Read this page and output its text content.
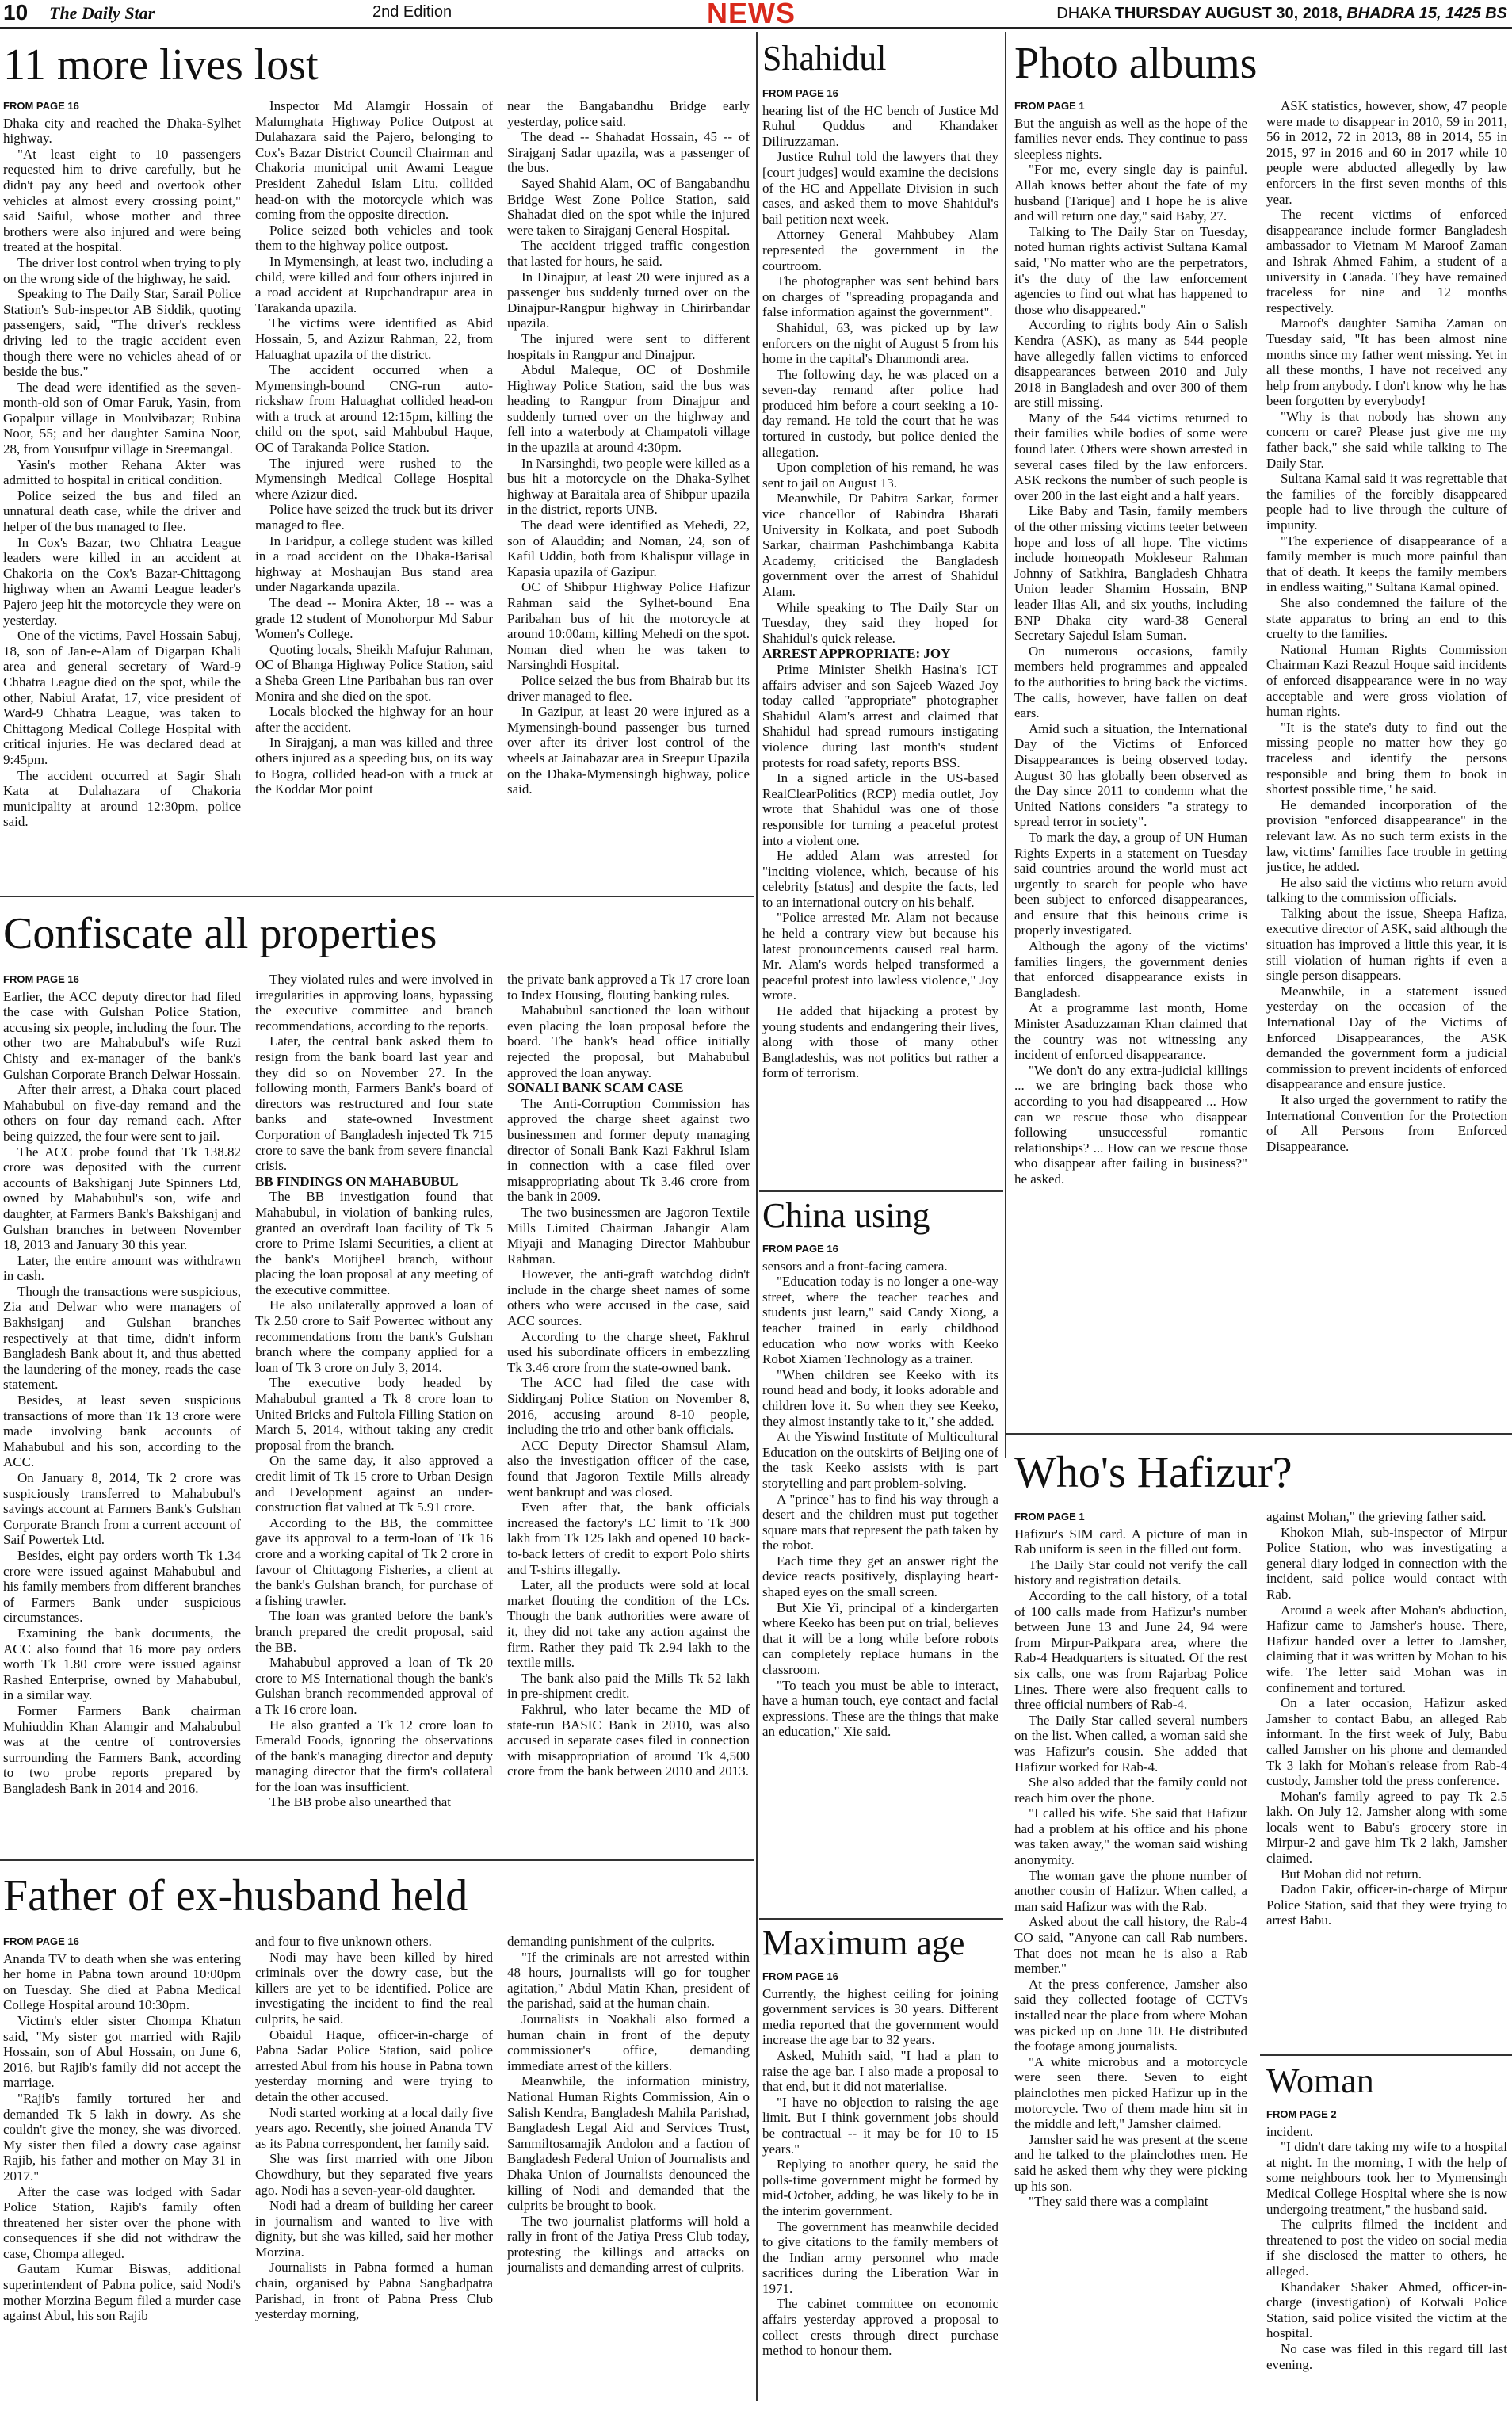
10 The Daily Star	2nd Edition	NEWS	DHAKA THURSDAY AUGUST 30, 2018, BHADRA 15, 1425 BS
11 more lives lost
FROM PAGE 16

Dhaka city and reached the Dhaka-Sylhet highway.

"At least eight to 10 passengers requested him to drive carefully, but he didn't pay any heed and overtook other vehicles at almost every crossing point," said Saiful, whose mother and three brothers were also injured and were being treated at the hospital.

The driver lost control when trying to ply on the wrong side of the highway, he said.

Speaking to The Daily Star, Sarail Police Station's Sub-inspector AB Siddik, quoting passengers, said, "The driver's reckless driving led to the tragic accident even though there were no vehicles ahead of or beside the bus."

The dead were identified as the seven-month-old son of Omar Faruk, Yasin, from Gopalpur village in Moulvibazar; Rubina Noor, 55; and her daughter Samina Noor, 28, from Yousufpur village in Sreemangal.

Yasin's mother Rehana Akter was admitted to hospital in critical condition.

Police seized the bus and filed an unnatural death case, while the driver and helper of the bus managed to flee.

In Cox's Bazar, two Chhatra League leaders were killed in an accident at Chakoria on the Cox's Bazar-Chittagong highway when an Awami League leader's Pajero jeep hit the motorcycle they were on yesterday.

One of the victims, Pavel Hossain Sabuj, 18, son of Jan-e-Alam of Digarpan Khali area and general secretary of Ward-9 Chhatra League died on the spot, while the other, Nabiul Arafat, 17, vice president of Ward-9 Chhatra League, was taken to Chittagong Medical College Hospital with critical injuries. He was declared dead at 9:45pm.

The accident occurred at Sagir Shah Kata at Dulahazara of Chakoria municipality at around 12:30pm, police said.

Inspector Md Alamgir Hossain of Malumghata Highway Police Outpost at Dulahazara said the Pajero, belonging to Cox's Bazar District Council Chairman and Chakoria municipal unit Awami League President Zahedul Islam Litu, collided head-on with the motorcycle which was coming from the opposite direction.

Police seized both vehicles and took them to the highway police outpost.

In Mymensingh, at least two, including a child, were killed and four others injured in a road accident at Rupchandrapur area in Tarakanda upazila.

The victims were identified as Abid Hossain, 5, and Azizur Rahman, 22, from Haluaghat upazila of the district.

The accident occurred when a Mymensingh-bound CNG-run auto-rickshaw from Haluaghat collided head-on with a truck at around 12:15pm, killing the child on the spot, said Mahbubul Haque, OC of Tarakanda Police Station.

The injured were rushed to the Mymensingh Medical College Hospital where Azizur died.

Police have seized the truck but its driver managed to flee.

In Faridpur, a college student was killed in a road accident on the Dhaka-Barisal highway at Moshaujan Bus stand area under Nagarkanda upazila.

The dead -- Monira Akter, 18 -- was a grade 12 student of Monohorpur Md Sabur Women's College.

Quoting locals, Sheikh Mafujur Rahman, OC of Bhanga Highway Police Station, said a Sheba Green Line Paribahan bus ran over Monira and she died on the spot.

Locals blocked the highway for an hour after the accident.

In Sirajganj, a man was killed and three others injured as a speeding bus, on its way to Bogra, collided head-on with a truck at the Koddar Mor point

near the Bangabandhu Bridge early yesterday, police said.

The dead -- Shahadat Hossain, 45 -- of Sirajganj Sadar upazila, was a passenger of the bus.

Sayed Shahid Alam, OC of Bangabandhu Bridge West Zone Police Station, said Shahadat died on the spot while the injured were taken to Sirajganj General Hospital.

The accident trigged traffic congestion that lasted for hours, he said.

In Dinajpur, at least 20 were injured as a passenger bus suddenly turned over on the Dinajpur-Rangpur highway in Chirirbandar upazila.

The injured were sent to different hospitals in Rangpur and Dinajpur.

Abdul Maleque, OC of Doshmile Highway Police Station, said the bus was heading to Rangpur from Dinajpur and suddenly turned over on the highway and fell into a waterbody at Champatoli village in the upazila at around 4:30pm.

In Narsinghdi, two people were killed as a bus hit a motorcycle on the Dhaka-Sylhet highway at Baraitala area of Shibpur upazila in the district, reports UNB.

The dead were identified as Mehedi, 22, son of Alauddin; and Noman, 24, son of Kafil Uddin, both from Khalispur village in Kapasia upazila of Gazipur.

OC of Shibpur Highway Police Hafizur Rahman said the Sylhet-bound Ena Paribahan bus of hit the motorcycle at around 10:00am, killing Mehedi on the spot. Noman died when he was taken to Narsinghdi Hospital.

Police seized the bus from Bhairab but its driver managed to flee.

In Gazipur, at least 20 were injured as a Mymensingh-bound passenger bus turned over after its driver lost control of the wheels at Jainabazar area in Sreepur Upazila on the Dhaka-Mymensingh highway, police said.

Confiscate all properties
FROM PAGE 16

Earlier, the ACC deputy director had filed the case with Gulshan Police Station, accusing six people, including the four. The other two are Mahabubul's wife Ruzi Chisty and ex-manager of the bank's Gulshan Corporate Branch Delwar Hossain.

After their arrest, a Dhaka court placed Mahabubul on five-day remand and the others on four day remand each. After being quizzed, the four were sent to jail.

The ACC probe found that Tk 138.82 crore was deposited with the current accounts of Bakshiganj Jute Spinners Ltd, owned by Mahabubul's son, wife and daughter, at Farmers Bank's Bakshiganj and Gulshan branches in between November 18, 2013 and January 30 this year.

Later, the entire amount was withdrawn in cash.

Though the transactions were suspicious, Zia and Delwar who were managers of Bakhsiganj and Gulshan branches respectively at that time, didn't inform Bangladesh Bank about it, and thus abetted the laundering of the money, reads the case statement.

Besides, at least seven suspicious transactions of more than Tk 13 crore were made involving bank accounts of Mahabubul and his son, according to the ACC.

On January 8, 2014, Tk 2 crore was suspiciously transferred to Mahabubul's savings account at Farmers Bank's Gulshan Corporate Branch from a current account of Saif Powertek Ltd.

Besides, eight pay orders worth Tk 1.34 crore were issued against Mahabubul and his family members from different branches of Farmers Bank under suspicious circumstances.

Examining the bank documents, the ACC also found that 16 more pay orders worth Tk 1.80 crore were issued against Rashed Enterprise, owned by Mahabubul, in a similar way.

Former Farmers Bank chairman Muhiuddin Khan Alamgir and Mahabubul was at the centre of controversies surrounding the Farmers Bank, according to two probe reports prepared by Bangladesh Bank in 2014 and 2016.

They violated rules and were involved in irregularities in approving loans, bypassing the executive committee and branch recommendations, according to the reports.

Later, the central bank asked them to resign from the bank board last year and they did so on November 27. In the following month, Farmers Bank's board of directors was restructured and four state banks and state-owned Investment Corporation of Bangladesh injected Tk 715 crore to save the bank from severe financial crisis.

BB FINDINGS ON MAHABUBUL

The BB investigation found that Mahabubul, in violation of banking rules, granted an overdraft loan facility of Tk 5 crore to Prime Islami Securities, a client at the bank's Motijheel branch, without placing the loan proposal at any meeting of the executive committee.

He also unilaterally approved a loan of Tk 2.50 crore to Saif Powertec without any recommendations from the bank's Gulshan branch where the company applied for a loan of Tk 3 crore on July 3, 2014.

The executive body headed by Mahabubul granted a Tk 8 crore loan to United Bricks and Fultola Filling Station on March 5, 2014, without taking any credit proposal from the branch.

On the same day, it also approved a credit limit of Tk 15 crore to Urban Design and Development against an under-construction flat valued at Tk 5.91 crore.

According to the BB, the committee gave its approval to a term-loan of Tk 16 crore and a working capital of Tk 2 crore in favour of Chittagong Fisheries, a client at the bank's Gulshan branch, for purchase of a fishing trawler.

The loan was granted before the bank's branch prepared the credit proposal, said the BB.

Mahabubul approved a loan of Tk 20 crore to MS International though the bank's Gulshan branch recommended approval of a Tk 16 crore loan.

He also granted a Tk 12 crore loan to Emerald Foods, ignoring the observations of the bank's managing director and deputy managing director that the firm's collateral for the loan was insufficient.

The BB probe also unearthed that

the private bank approved a Tk 17 crore loan to Index Housing, flouting banking rules.

Mahabubul sanctioned the loan without even placing the loan proposal before the board. The bank's head office initially rejected the proposal, but Mahabubul approved the loan anyway.

SONALI BANK SCAM CASE

The Anti-Corruption Commission has approved the charge sheet against two businessmen and former deputy managing director of Sonali Bank Kazi Fakhrul Islam in connection with a case filed over misappropriating about Tk 3.46 crore from the bank in 2009.

The two businessmen are Jagoron Textile Mills Limited Chairman Jahangir Alam Miyaji and Managing Director Mahbubur Rahman.

However, the anti-graft watchdog didn't include in the charge sheet names of some others who were accused in the case, said ACC sources.

According to the charge sheet, Fakhrul used his subordinate officers in embezzling Tk 3.46 crore from the state-owned bank.

The ACC had filed the case with Siddirganj Police Station on November 8, 2016, accusing around 8-10 people, including the trio and other bank officials.

ACC Deputy Director Shamsul Alam, also the investigation officer of the case, found that Jagoron Textile Mills already went bankrupt and was closed.

Even after that, the bank officials increased the factory's LC limit to Tk 300 lakh from Tk 125 lakh and opened 10 back-to-back letters of credit to export Polo shirts and T-shirts illegally.

Later, all the products were sold at local market flouting the condition of the LCs. Though the bank authorities were aware of it, they did not take any action against the firm. Rather they paid Tk 2.94 lakh to the textile mills.

The bank also paid the Mills Tk 52 lakh in pre-shipment credit.

Fakhrul, who later became the MD of state-run BASIC Bank in 2010, was also accused in separate cases filed in connection with misappropriation of around Tk 4,500 crore from the bank between 2010 and 2013.

Father of ex-husband held
FROM PAGE 16

Ananda TV to death when she was entering her home in Pabna town around 10:00pm on Tuesday. She died at Pabna Medical College Hospital around 10:30pm.

Victim's elder sister Chompa Khatun said, "My sister got married with Rajib Hossain, son of Abul Hossain, on June 6, 2016, but Rajib's family did not accept the marriage.

"Rajib's family tortured her and demanded Tk 5 lakh in dowry. As she couldn't give the money, she was divorced. My sister then filed a dowry case against Rajib, his father and mother on May 31 in 2017."

After the case was lodged with Sadar Police Station, Rajib's family often threatened her sister over the phone with consequences if she did not withdraw the case, Chompa alleged.

Gautam Kumar Biswas, additional superintendent of Pabna police, said Nodi's mother Morzina Begum filed a murder case against Abul, his son Rajib

and four to five unknown others.

Nodi may have been killed by hired criminals over the dowry case, but the killers are yet to be identified. Police are investigating the incident to find the real culprits, he said.

Obaidul Haque, officer-in-charge of Pabna Sadar Police Station, said police arrested Abul from his house in Pabna town yesterday morning and were trying to detain the other accused.

Nodi started working at a local daily five years ago. Recently, she joined Ananda TV as its Pabna correspondent, her family said.

She was first married with one Jibon Chowdhury, but they separated five years ago. Nodi has a seven-year-old daughter.

Nodi had a dream of building her career in journalism and wanted to live with dignity, but she was killed, said her mother Morzina.

Journalists in Pabna formed a human chain, organised by Pabna Sangbadpatra Parishad, in front of Pabna Press Club yesterday morning,

demanding punishment of the culprits.

"If the criminals are not arrested within 48 hours, journalists will go for tougher agitation," Abdul Matin Khan, president of the parishad, said at the human chain.

Journalists in Noakhali also formed a human chain in front of the deputy commissioner's office, demanding immediate arrest of the killers.

Meanwhile, the information ministry, National Human Rights Commission, Ain o Salish Kendra, Bangladesh Mahila Parishad, Bangladesh Legal Aid and Services Trust, Sammiltosamajik Andolon and a faction of Bangladesh Federal Union of Journalists and Dhaka Union of Journalists denounced the killing of Nodi and demanded that the culprits be brought to book.

The two journalist platforms will hold a rally in front of the Jatiya Press Club today, protesting the killings and attacks on journalists and demanding arrest of culprits.

Shahidul
FROM PAGE 16

hearing list of the HC bench of Justice Md Ruhul Quddus and Khandaker Diliruzzaman.

Justice Ruhul told the lawyers that they [court judges] would examine the decisions of the HC and Appellate Division in such cases, and asked them to move Shahidul's bail petition next week.

Attorney General Mahbubey Alam represented the government in the courtroom.

The photographer was sent behind bars on charges of "spreading propaganda and false information against the government".

Shahidul, 63, was picked up by law enforcers on the night of August 5 from his home in the capital's Dhanmondi area.

The following day, he was placed on a seven-day remand after police had produced him before a court seeking a 10-day remand. He told the court that he was tortured in custody, but police denied the allegation.

Upon completion of his remand, he was sent to jail on August 13.

Meanwhile, Dr Pabitra Sarkar, former vice chancellor of Rabindra Bharati University in Kolkata, and poet Subodh Sarkar, chairman Pashchimbanga Kabita Academy, criticised the Bangladesh government over the arrest of Shahidul Alam.

While speaking to The Daily Star on Tuesday, they said they hoped for Shahidul's quick release.

ARREST APPROPRIATE: JOY

Prime Minister Sheikh Hasina's ICT affairs adviser and son Sajeeb Wazed Joy today called "appropriate" photographer Shahidul Alam's arrest and claimed that Shahidul had spread rumours instigating violence during last month's student protests for road safety, reports BSS.

In a signed article in the US-based RealClearPolitics (RCP) media outlet, Joy wrote that Shahidul was one of those responsible for turning a peaceful protest into a violent one.

He added Alam was arrested for "inciting violence, which, because of his celebrity [status] and despite the facts, led to an international outcry on his behalf.

"Police arrested Mr. Alam not because he held a contrary view but because his latest pronouncements caused real harm. Mr. Alam's words helped transformed a peaceful protest into lawless violence," Joy wrote.

He added that hijacking a protest by young students and endangering their lives, along with those of many other Bangladeshis, was not politics but rather a form of terrorism.

China using
FROM PAGE 16

sensors and a front-facing camera.

"Education today is no longer a one-way street, where the teacher teaches and students just learn," said Candy Xiong, a teacher trained in early childhood education who now works with Keeko Robot Xiamen Technology as a trainer.

"When children see Keeko with its round head and body, it looks adorable and children love it. So when they see Keeko, they almost instantly take to it," she added.

At the Yiswind Institute of Multicultural Education on the outskirts of Beijing one of the task Keeko assists with is part storytelling and part problem-solving.

A "prince" has to find his way through a desert and the children must put together square mats that represent the path taken by the robot.

Each time they get an answer right the device reacts positively, displaying heart-shaped eyes on the small screen.

But Xie Yi, principal of a kindergarten where Keeko has been put on trial, believes that it will be a long while before robots can completely replace humans in the classroom.

"To teach you must be able to interact, have a human touch, eye contact and facial expressions. These are the things that make an education," Xie said.

Maximum age
FROM PAGE 16

Currently, the highest ceiling for joining government services is 30 years. Different media reported that the government would increase the age bar to 32 years.

Asked, Muhith said, "I had a plan to raise the age bar. I also made a proposal to that end, but it did not materialise.

"I have no objection to raising the age limit. But I think government jobs should be contractual -- it may be for 10 to 15 years."

Replying to another query, he said the polls-time government might be formed by mid-October, adding, he was likely to be in the interim government.

The government has meanwhile decided to give citations to the family members of the Indian army personnel who made sacrifices during the Liberation War in 1971.

The cabinet committee on economic affairs yesterday approved a proposal to collect crests through direct purchase method to honour them.

Photo albums
FROM PAGE 1

But the anguish as well as the hope of the families never ends. They continue to pass sleepless nights.

"For me, every single day is painful. Allah knows better about the fate of my husband [Tarique] and I hope he is alive and will return one day," said Baby, 27.

Talking to The Daily Star on Tuesday, noted human rights activist Sultana Kamal said, "No matter who are the perpetrators, it's the duty of the law enforcement agencies to find out what has happened to those who disappeared."

According to rights body Ain o Salish Kendra (ASK), as many as 544 people have allegedly fallen victims to enforced disappearances between 2010 and July 2018 in Bangladesh and over 300 of them are still missing.

Many of the 544 victims returned to their families while bodies of some were found later. Others were shown arrested in several cases filed by the law enforcers. ASK reckons the number of such people is over 200 in the last eight and a half years.

Like Baby and Tasin, family members of the other missing victims teeter between hope and loss of all hope. The victims include homeopath Mokleseur Rahman Johnny of Satkhira, Bangladesh Chhatra Union leader Shamim Hossain, BNP leader Ilias Ali, and six youths, including BNP Dhaka city ward-38 General Secretary Sajedul Islam Suman.

On numerous occasions, family members held programmes and appealed to the authorities to bring back the victims. The calls, however, have fallen on deaf ears.

Amid such a situation, the International Day of the Victims of Enforced Disappearances is being observed today. August 30 has globally been observed as the Day since 2011 to condemn what the United Nations considers "a strategy to spread terror in society".

To mark the day, a group of UN Human Rights Experts in a statement on Tuesday said countries around the world must act urgently to search for people who have been subject to enforced disappearances, and ensure that this heinous crime is properly investigated.

Although the agony of the victims' families lingers, the government denies that enforced disappearance exists in Bangladesh.

At a programme last month, Home Minister Asaduzzaman Khan claimed that the country was not witnessing any incident of enforced disappearance.

"We don't do any extra-judicial killings ... we are bringing back those who according to you had disappeared ... How can we rescue those who disappear following unsuccessful romantic relationships? ... How can we rescue those who disappear after failing in business?" he asked.

ASK statistics, however, show, 47 people were made to disappear in 2010, 59 in 2011, 56 in 2012, 72 in 2013, 88 in 2014, 55 in 2015, 97 in 2016 and 60 in 2017 while 10 people were abducted allegedly by law enforcers in the first seven months of this year.

The recent victims of enforced disappearance include former Bangladesh ambassador to Vietnam M Maroof Zaman and Ishrak Ahmed Fahim, a student of a university in Canada. They have remained traceless for nine and 12 months respectively.

Maroof's daughter Samiha Zaman on Tuesday said, "It has been almost nine months since my father went missing. Yet in all these months, I have not received any help from anybody. I don't know why he has been forgotten by everybody!

"Why is that nobody has shown any concern or care? Please just give me my father back," she said while talking to The Daily Star.

Sultana Kamal said it was regrettable that the families of the forcibly disappeared people had to live through the culture of impunity.

"The experience of disappearance of a family member is much more painful than that of death. It keeps the family members in endless waiting," Sultana Kamal opined.

She also condemned the failure of the state apparatus to bring an end to this cruelty to the families.

National Human Rights Commission Chairman Kazi Reazul Hoque said incidents of enforced disappearance were in no way acceptable and were gross violation of human rights.

"It is the state's duty to find out the missing people no matter how they go traceless and identify the persons responsible and bring them to book in shortest possible time," he said.

He demanded incorporation of the provision "enforced disappearance" in the relevant law. As no such term exists in the law, victims' families face trouble in getting justice, he added.

He also said the victims who return avoid talking to the commission officials.

Talking about the issue, Sheepa Hafiza, executive director of ASK, said although the situation has improved a little this year, it is still violation of human rights if even a single person disappears.

Meanwhile, in a statement issued yesterday on the occasion of the International Day of the Victims of Enforced Disappearances, the ASK demanded the government form a judicial commission to prevent incidents of enforced disappearance and ensure justice.

It also urged the government to ratify the International Convention for the Protection of All Persons from Enforced Disappearance.

Who's Hafizur?
FROM PAGE 1

Hafizur's SIM card. A picture of man in Rab uniform is seen in the filled out form.

The Daily Star could not verify the call history and registration details.

According to the call history, of a total of 100 calls made from Hafizur's number between June 13 and June 24, 94 were from Mirpur-Paikpara area, where the Rab-4 Headquarters is situated. Of the rest six calls, one was from Rajarbag Police Lines. There were also frequent calls to three official numbers of Rab-4.

The Daily Star called several numbers on the list. When called, a woman said she was Hafizur's cousin. She added that Hafizur worked for Rab-4.

She also added that the family could not reach him over the phone.

"I called his wife. She said that Hafizur had a problem at his office and his phone was taken away," the woman said wishing anonymity.

The woman gave the phone number of another cousin of Hafizur. When called, a man said Hafizur was with the Rab.

Asked about the call history, the Rab-4 CO said, "Anyone can call Rab numbers. That does not mean he is also a Rab member."

At the press conference, Jamsher also said they collected footage of CCTVs installed near the place from where Mohan was picked up on June 10. He distributed the footage among journalists.

"A white microbus and a motorcycle were seen there. Seven to eight plainclothes men picked Hafizur up in the motorcycle. Two of them made him sit in the middle and left," Jamsher claimed.

Jamsher said he was present at the scene and he talked to the plainclothes men. He said he asked them why they were picking up his son.

"They said there was a complaint

against Mohan," the grieving father said.

Khokon Miah, sub-inspector of Mirpur Police Station, who was investigating a general diary lodged in connection with the incident, said police would contact with Rab.

Around a week after Mohan's abduction, Hafizur came to Jamsher's house. There, Hafizur handed over a letter to Jamsher, claiming that it was written by Mohan to his wife. The letter said Mohan was in confinement and tortured.

On a later occasion, Hafizur asked Jamsher to contact Babu, an alleged Rab informant. In the first week of July, Babu called Jamsher on his phone and demanded Tk 3 lakh for Mohan's release from Rab-4 custody, Jamsher told the press conference.

Mohan's family agreed to pay Tk 2.5 lakh. On July 12, Jamsher along with some locals went to Babu's grocery store in Mirpur-2 and gave him Tk 2 lakh, Jamsher claimed.

But Mohan did not return.

Dadon Fakir, officer-in-charge of Mirpur Police Station, said that they were trying to arrest Babu.

Woman
FROM PAGE 2

incident.

"I didn't dare taking my wife to a hospital at night. In the morning, I with the help of some neighbours took her to Mymensingh Medical College Hospital where she is now undergoing treatment," the husband said.

The culprits filmed the incident and threatened to post the video on social media if she disclosed the matter to others, he alleged.

Khandaker Shaker Ahmed, officer-in-charge (investigation) of Kotwali Police Station, said police visited the victim at the hospital.

No case was filed in this regard till last evening.
